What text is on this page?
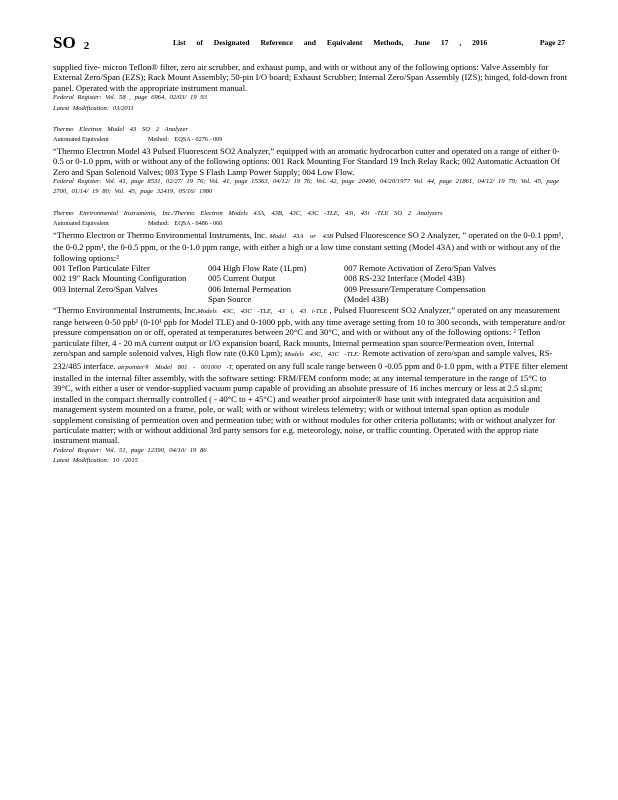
SO 2	List of Designated Reference and Equivalent Methods, June 17 , 2016	Page 27

supplied five- micron Teflon® filter, zero air scrubber, and exhaust pump, and with or without any of the following options: Valve Assembly for External Zero/Span (EZS); Rack Mount Assembly; 50-pin I/O board; Exhaust Scrubber; Internal Zero/Span Assembly (IZS); hinged, fold-down front panel. Operated with the appropriate instrument manual.

Federal Register: Vol. 58 , page 6964, 02/03/ 19 93

Latest Modification: 03/2011

Thermo Electron Model 43 SO 2 Analyzer

Automated Equivalent	Method: EQSA - 0276 - 009

“Thermo Electron Model 43 Pulsed Fluorescent SO2 Analyzer,” equipped with an aromatic hydrocarbon cutter and operated on a range of either 0-0.5 or 0-1.0 ppm, with or without any of the following options: 001 Rack Mounting For Standard 19 Inch Relay Rack; 002 Automatic Actuation Of Zero and Span Solenoid Valves; 003 Type S Flash Lamp Power Supply; 004 Low Flow.

Federal Register: Vol. 41, page 8531, 02/27/ 19 76; Vol. 41, page 15363, 04/12/ 19 76; Vol. 42, page 20490, 04/20/1977 Vol. 44, page 21861, 04/12/ 19 79; Vol. 45, page 2700, 01/14/ 19 80; Vol. 45, page 32419, 05/16/ 1980

Thermo Environmental Instruments, Inc./Thermo Electron Models 43A, 43B, 43C, 43C -TLE, 43i, 43i -TLE SO 2 Analyzers

Automated Equivalent	Method: EQSA - 0486 - 060

“Thermo Electron or Thermo Environmental Instruments, Inc. Model 43A or 43B Pulsed Fluorescence SO 2 Analyzer, ” operated on the 0-0.1 ppm¹, the 0-0.2 ppm¹, the 0-0.5 ppm, or the 0-1.0 ppm range, with either a high or a low time constant setting (Model 43A) and with or without any of the following options:²

001 Teflon Particulate Filter	004 High Flow Rate (1Lpm)	007 Remote Activation of Zero/Span Valves
002 19" Rack Mounting Configuration	005 Current Output	008 RS-232 Interface (Model 43B)
003 Internal Zero/Span Valves	006 Internal Permeation	009 Pressure/Temperature Compensation
Span Source	(Model 43B)

“Thermo Environmental Instruments, Inc.Models 43C, 43C -TLE, 43 i, 43 i-TLE , Pulsed Fluorescent SO2 Analyzer,” operated on any measurement range between 0-50 ppb¹ (0-10¹ ppb for Model TLE) and 0-1000 ppb, with any time average setting from 10 to 300 seconds, with temperature and/or pressure compensation on or off, operated at temperatures between 20°C and 30°C, and with or without any of the following options: ² Teflon particulate filter, 4 - 20 mA current output or I/O expansion board, Rack mounts, Internal permeation span source/Permeation oven, Internal zero/span and sample solenoid valves, High flow rate (0.K0 Lpm); Models 43C, 43C -TLE: Remote activation of zero/span and sample valves, RS-232/485 interface. airpointer® Model 801 - 001000 -T, operated on any full scale range between 0 -0.05 ppm and 0-1.0 ppm, with a PTFE filter element installed in the internal filter assembly, with the software setting: FRM/FEM conform mode; at any internal temperature in the range of 15°C to 39°C, with either a user or vendor-supplied vacuum pump capable of providing an absolute pressure of 16 inches mercury or less at 2.5 sLpm; installed in the compact thermally controlled ( - 40°C to + 45°C) and weather proof airpointer® base unit with integrated data acquisition and management system mounted on a frame, pole, or wall; with or without wireless telemetry; with or without internal span option as module supplement consisting of permeation oven and permeation tube; with or without modules for other criteria pollutants; with or without analyzer for particulate matter; with or without additional 3rd party sensors for e.g. meteorology, noise, or traffic counting. Operated with the approp riate instrument manual.

Federal Register: Vol. 51, page 12390, 04/10/ 19 86

Latest Modification: 10 /2015
